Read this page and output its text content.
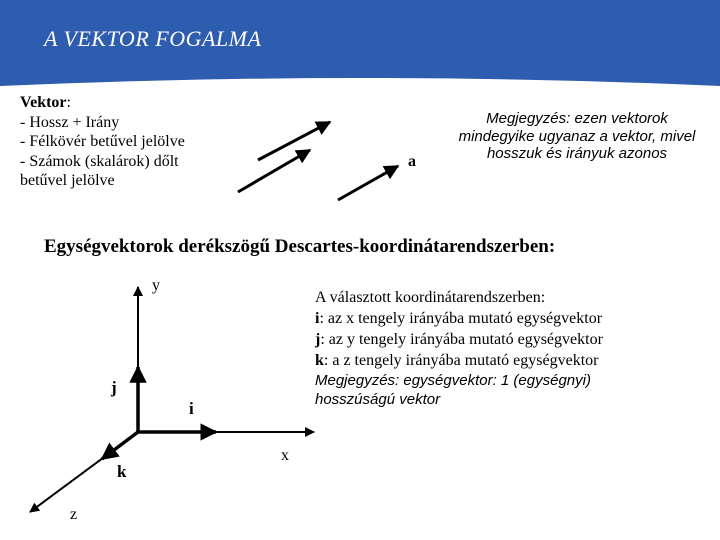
A VEKTOR FOGALMA
Vektor:
- Hossz + Irány
- Félkövér betűvel jelölve
- Számok (skalárok) dőlt
betűvel jelölve
a
Megjegyzés: ezen vektorok mindegyike ugyanaz a vektor, mivel hosszuk és irányuk azonos
Egységvektorok derékszögű Descartes-koordinátarendszerben:
y
x
z
i
j
k
A választott koordinátarendszerben:
i: az x tengely irányába mutató egységvektor
j: az y tengely irányába mutató egységvektor
k: a z tengely irányába mutató egységvektor
Megjegyzés: egységvektor: 1 (egységnyi)
hosszúságú vektor
